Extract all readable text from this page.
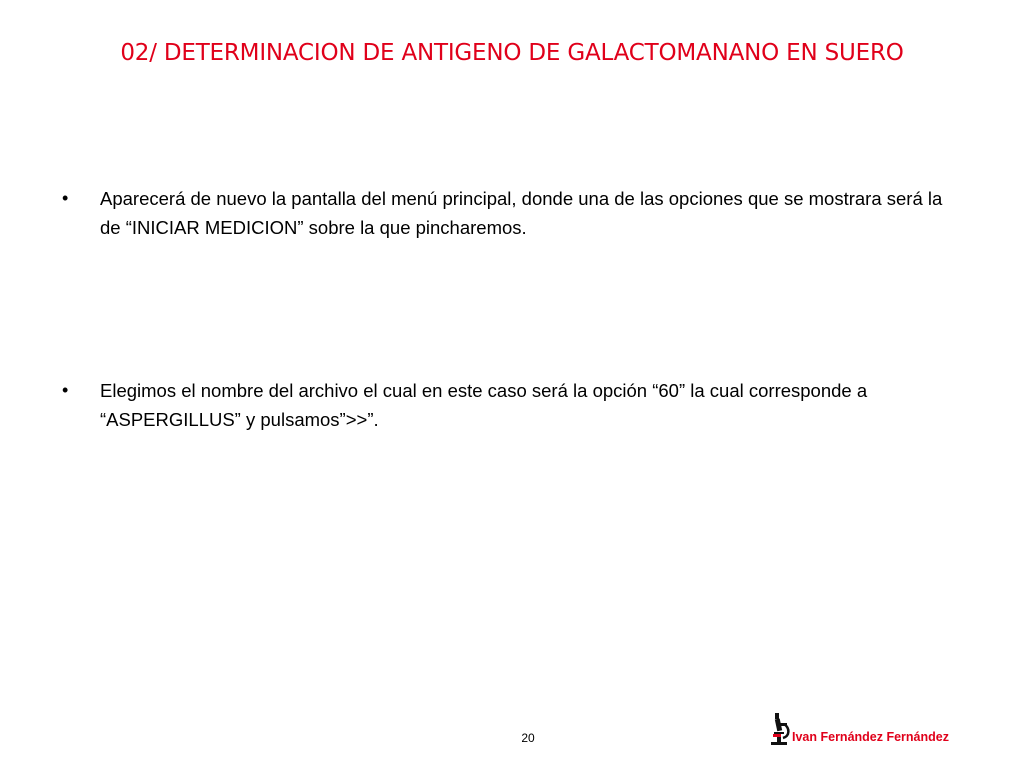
02/ DETERMINACION DE ANTIGENO DE GALACTOMANANO EN SUERO
•	Aparecerá de nuevo la pantalla del menú principal, donde una de las opciones que se mostrara será la de “INICIAR MEDICION” sobre la que pincharemos.
•	Elegimos el nombre del archivo el cual en este caso será la opción “60” la cual corresponde a “ASPERGILLUS” y pulsamos”>>”.
20	Ivan Fernández Fernández
